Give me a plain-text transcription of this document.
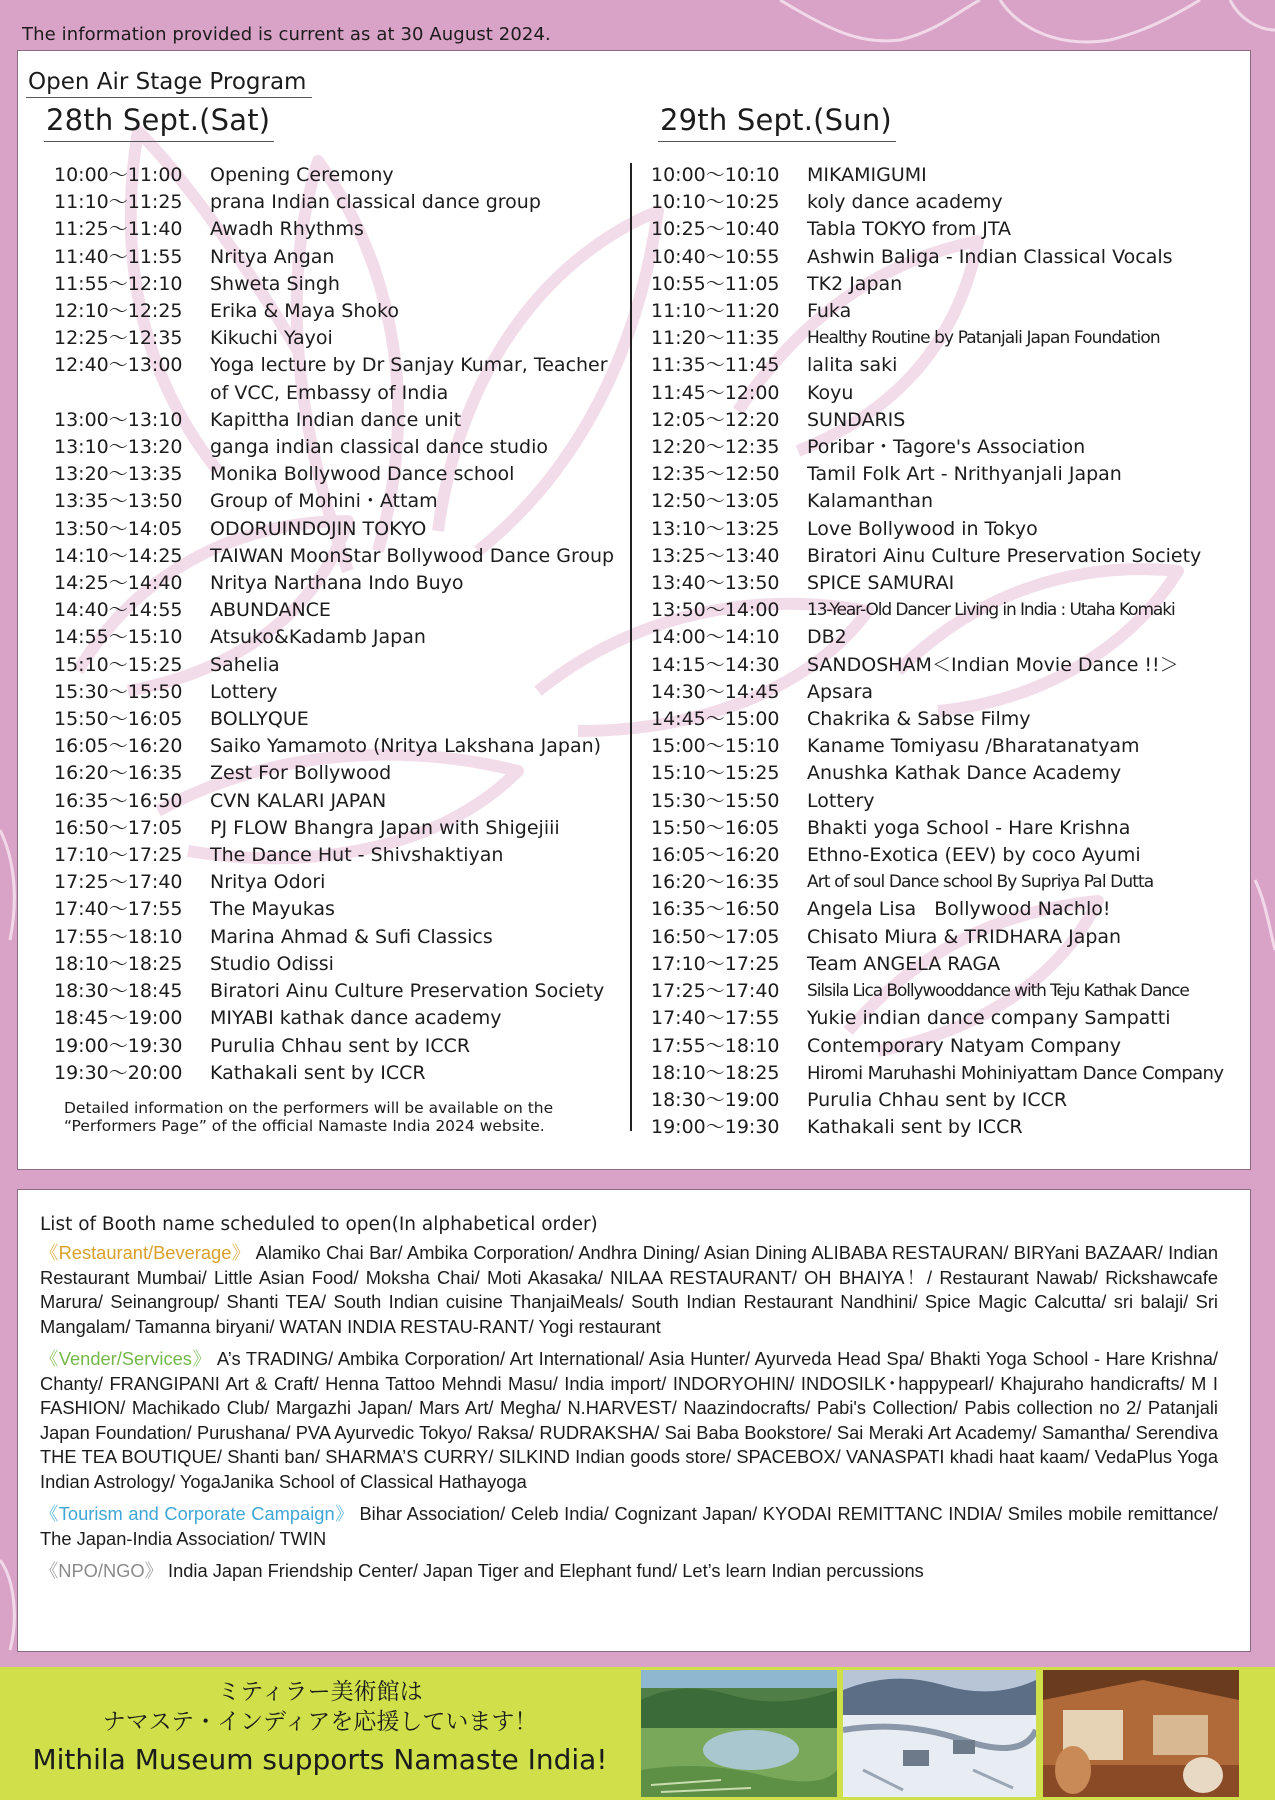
The information provided is current as at 30 August 2024.
Open Air Stage Program
28th Sept.(Sat)	29th Sept.(Sun)
10:00〜11:00	Opening Ceremony
11:10〜11:25	prana Indian classical dance group
11:25〜11:40	Awadh Rhythms
11:40〜11:55	Nritya Angan
11:55〜12:10	Shweta Singh
12:10〜12:25	Erika & Maya Shoko
12:25〜12:35	Kikuchi Yayoi
12:40〜13:00	Yoga lecture by Dr Sanjay Kumar, Teacher
of VCC, Embassy of India
13:00〜13:10	Kapittha Indian dance unit
13:10〜13:20	ganga indian classical dance studio
13:20〜13:35	Monika Bollywood Dance school
13:35〜13:50	Group of Mohini・Attam
13:50〜14:05	ODORUINDOJIN TOKYO
14:10〜14:25	TAIWAN MoonStar Bollywood Dance Group
14:25〜14:40	Nritya Narthana Indo Buyo
14:40〜14:55	ABUNDANCE
14:55〜15:10	Atsuko&Kadamb Japan
15:10〜15:25	Sahelia
15:30〜15:50	Lottery
15:50〜16:05	BOLLYQUE
16:05〜16:20	Saiko Yamamoto (Nritya Lakshana Japan)
16:20〜16:35	Zest For Bollywood
16:35〜16:50	CVN KALARI JAPAN
16:50〜17:05	PJ FLOW Bhangra Japan with Shigejiii
17:10〜17:25	The Dance Hut - Shivshaktiyan
17:25〜17:40	Nritya Odori
17:40〜17:55	The Mayukas
17:55〜18:10	Marina Ahmad & Sufi Classics
18:10〜18:25	Studio Odissi
18:30〜18:45	Biratori Ainu Culture Preservation Society
18:45〜19:00	MIYABI kathak dance academy
19:00〜19:30	Purulia Chhau sent by ICCR
19:30〜20:00	Kathakali sent by ICCR
10:00〜10:10	MIKAMIGUMI
10:10〜10:25	koly dance academy
10:25〜10:40	Tabla TOKYO from JTA
10:40〜10:55	Ashwin Baliga - Indian Classical Vocals
10:55〜11:05	TK2 Japan
11:10〜11:20	Fuka
11:20〜11:35	Healthy Routine by Patanjali Japan Foundation
11:35〜11:45	lalita saki
11:45〜12:00	Koyu
12:05〜12:20	SUNDARIS
12:20〜12:35	Poribar・Tagore's Association
12:35〜12:50	Tamil Folk Art - Nrithyanjali Japan
12:50〜13:05	Kalamanthan
13:10〜13:25	Love Bollywood in Tokyo
13:25〜13:40	Biratori Ainu Culture Preservation Society
13:40〜13:50	SPICE SAMURAI
13:50〜14:00	13-Year-Old Dancer Living in India : Utaha Komaki
14:00〜14:10	DB2
14:15〜14:30	SANDOSHAM＜Indian Movie Dance !!＞
14:30〜14:45	Apsara
14:45〜15:00	Chakrika & Sabse Filmy
15:00〜15:10	Kaname Tomiyasu /Bharatanatyam
15:10〜15:25	Anushka Kathak Dance Academy
15:30〜15:50	Lottery
15:50〜16:05	Bhakti yoga School - Hare Krishna
16:05〜16:20	Ethno-Exotica (EEV) by coco Ayumi
16:20〜16:35	Art of soul Dance school By Supriya Pal Dutta
16:35〜16:50	Angela Lisa   Bollywood Nachlo!
16:50〜17:05	Chisato Miura & TRIDHARA Japan
17:10〜17:25	Team ANGELA RAGA
17:25〜17:40	Silsila Lica Bollywooddance with Teju Kathak Dance
17:40〜17:55	Yukie indian dance company Sampatti
17:55〜18:10	Contemporary Natyam Company
18:10〜18:25	Hiromi Maruhashi Mohiniyattam Dance Company
18:30〜19:00	Purulia Chhau sent by ICCR
19:00〜19:30	Kathakali sent by ICCR
Detailed information on the performers will be available on the
“Performers Page” of the official Namaste India 2024 website.
List of Booth name scheduled to open(In alphabetical order)

《Restaurant/Beverage》 Alamiko Chai Bar/ Ambika Corporation/ Andhra Dining/ Asian Dining ALIBABA RESTAURAN/ BIRYani BAZAAR/ Indian Restaurant Mumbai/ Little Asian Food/ Moksha Chai/ Moti Akasaka/ NILAA RESTAURANT/ OH BHAIYA！/ Restaurant Nawab/ Rickshawcafe Marura/ Seinangroup/ Shanti TEA/ South Indian cuisine ThanjaiMeals/ South Indian Restaurant Nandhini/ Spice Magic Calcutta/ sri balaji/ Sri Mangalam/ Tamanna biryani/ WATAN INDIA RESTAU-RANT/ Yogi restaurant

《Vender/Services》 A’s TRADING/ Ambika Corporation/ Art International/ Asia Hunter/ Ayurveda Head Spa/ Bhakti Yoga School - Hare Krishna/ Chanty/ FRANGIPANI Art & Craft/ Henna Tattoo Mehndi Masu/ India import/ INDORYOHIN/ INDOSILK･happypearl/ Khajuraho handicrafts/ M I FASHION/ Machikado Club/ Margazhi Japan/ Mars Art/ Megha/ N.HARVEST/ Naazindocrafts/ Pabi's Collection/ Pabis collection no 2/ Patanjali Japan Foundation/ Purushana/ PVA Ayurvedic Tokyo/ Raksa/ RUDRAKSHA/ Sai Baba Bookstore/ Sai Meraki Art Academy/ Samantha/ Serendiva THE TEA BOUTIQUE/ Shanti ban/ SHARMA’S CURRY/ SILKIND Indian goods store/ SPACEBOX/ VANASPATI khadi haat kaam/ VedaPlus Yoga Indian Astrology/ YogaJanika School of Classical Hathayoga

《Tourism and Corporate Campaign》 Bihar Association/ Celeb India/ Cognizant Japan/ KYODAI REMITTANC INDIA/ Smiles mobile remittance/ The Japan-India Association/ TWIN

《NPO/NGO》 India Japan Friendship Center/ Japan Tiger and Elephant fund/ Let’s learn Indian percussions

ミティラー美術館は
ナマステ・インディアを応援しています！
Mithila Museum supports Namaste India!
